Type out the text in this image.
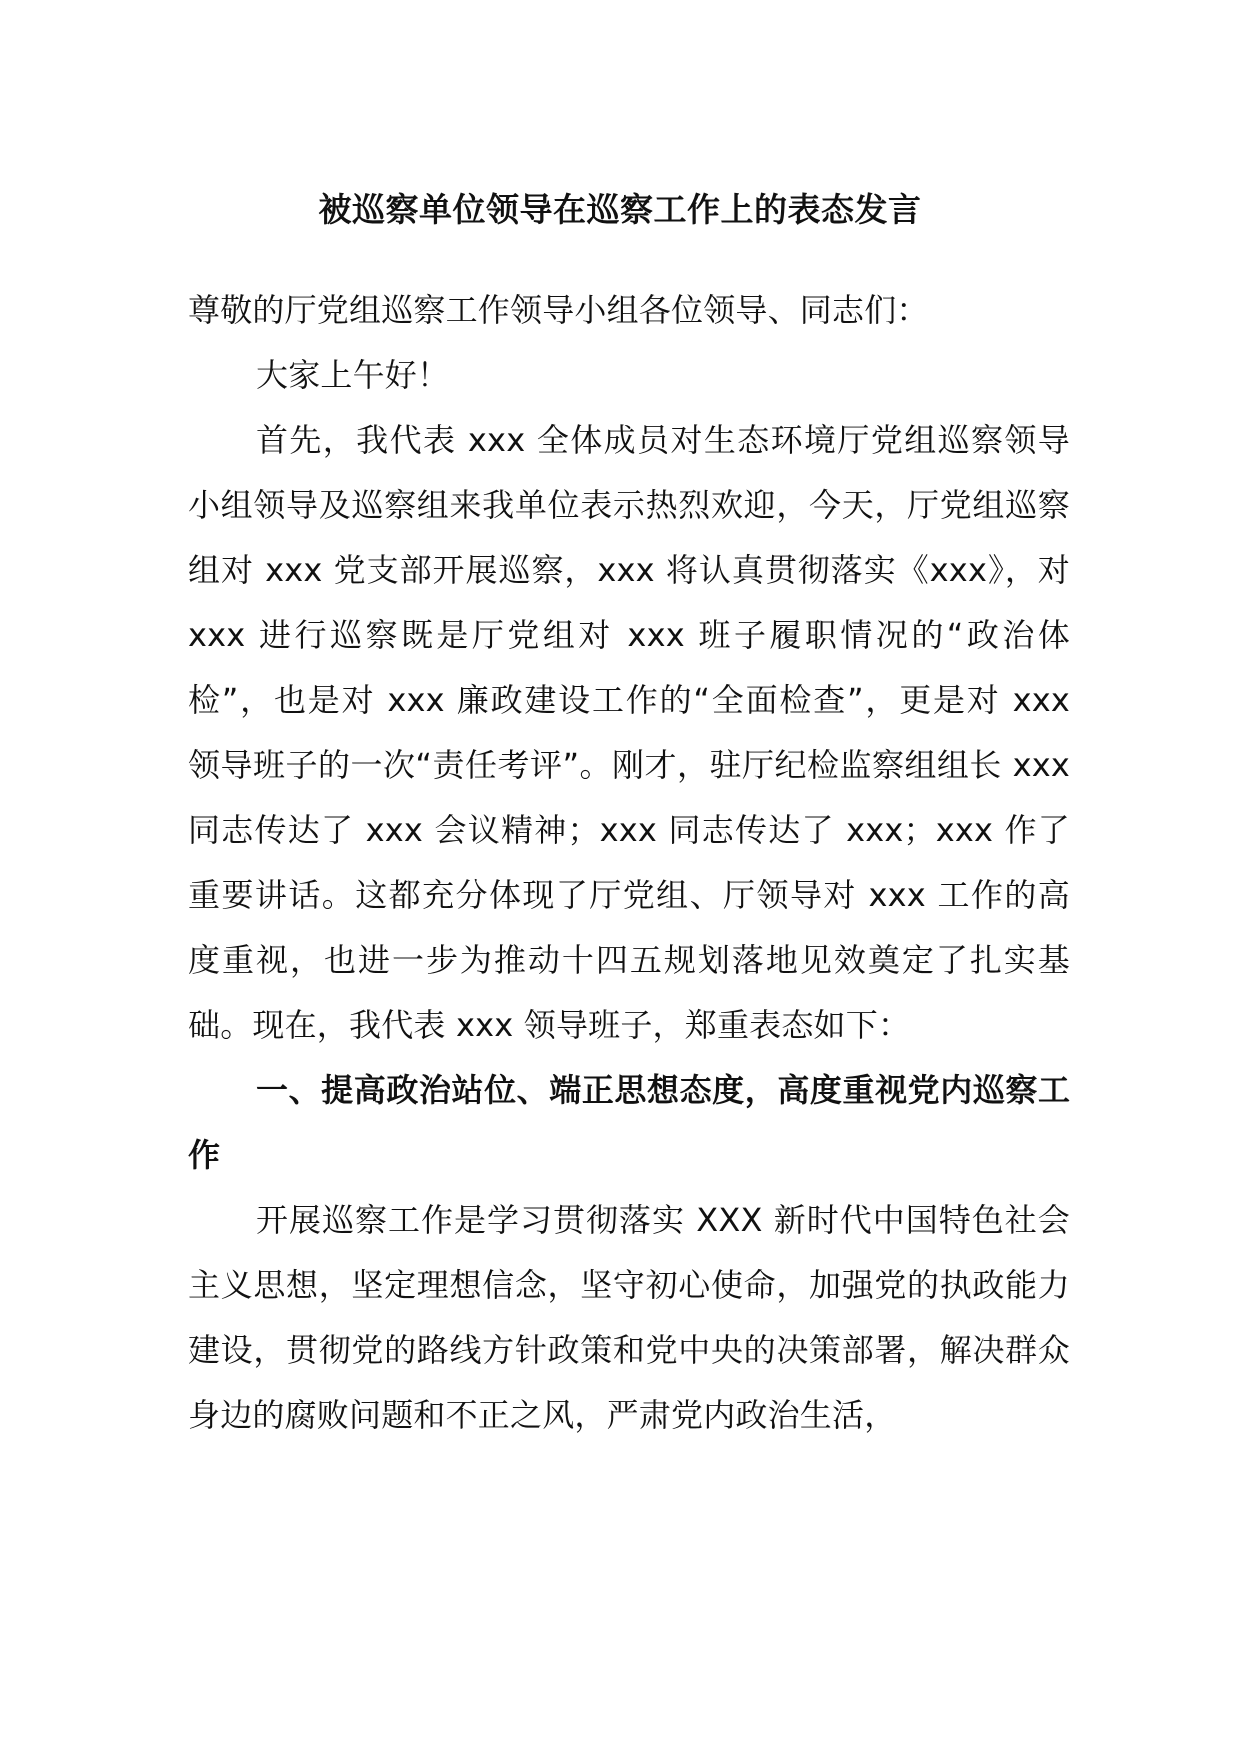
被巡察单位领导在巡察工作上的表态发言

尊敬的厅党组巡察工作领导小组各位领导、同志们：

大家上午好！

首先，我代表 xxx 全体成员对生态环境厅党组巡察领导小组领导及巡察组来我单位表示热烈欢迎，今天，厅党组巡察组对 xxx 党支部开展巡察，xxx 将认真贯彻落实《xxx》，对 xxx 进行巡察既是厅党组对 xxx 班子履职情况的“政治体检”，也是对 xxx 廉政建设工作的“全面检查”，更是对 xxx 领导班子的一次“责任考评”。刚才，驻厅纪检监察组组长 xxx 同志传达了 xxx 会议精神；xxx 同志传达了 xxx；xxx 作了重要讲话。这都充分体现了厅党组、厅领导对 xxx 工作的高度重视，也进一步为推动十四五规划落地见效奠定了扎实基础。现在，我代表 xxx 领导班子，郑重表态如下：

一、提高政治站位、端正思想态度，高度重视党内巡察工作

开展巡察工作是学习贯彻落实 XXX 新时代中国特色社会主义思想，坚定理想信念，坚守初心使命，加强党的执政能力建设，贯彻党的路线方针政策和党中央的决策部署，解决群众身边的腐败问题和不正之风，严肃党内政治生活，
